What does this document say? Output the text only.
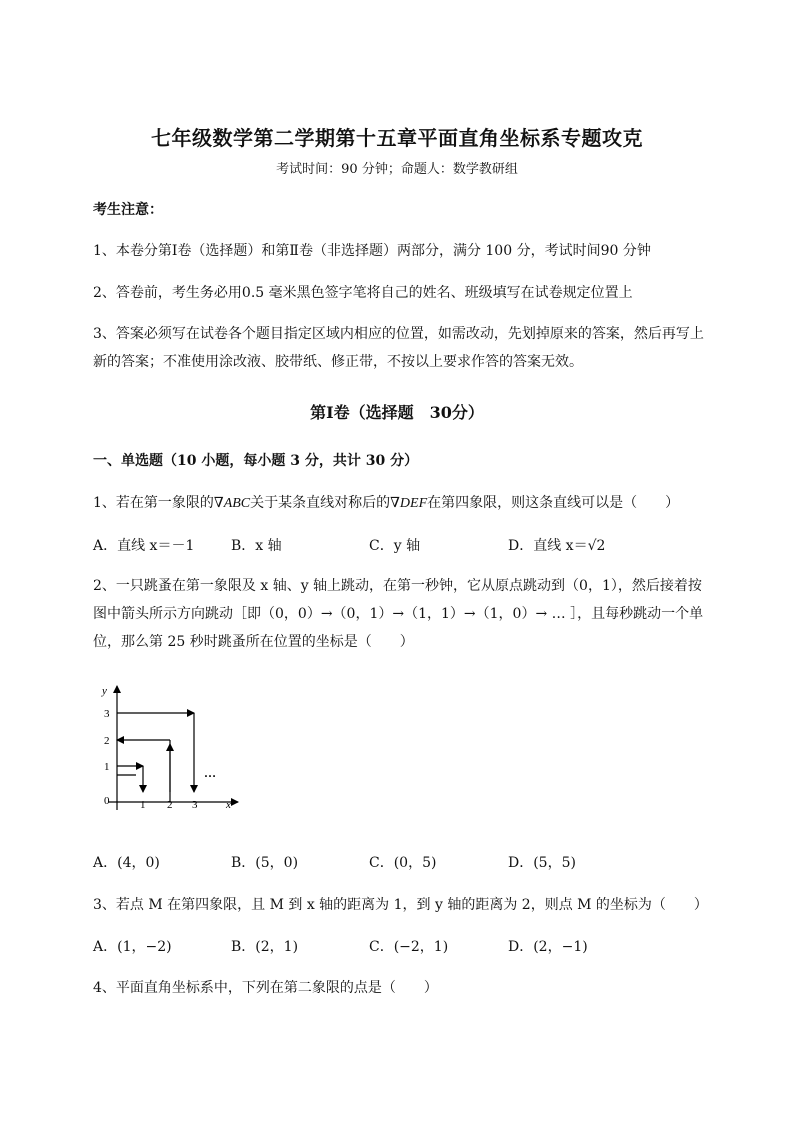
七年级数学第二学期第十五章平面直角坐标系专题攻克
考试时间：90 分钟；命题人：数学教研组
考生注意：
1、本卷分第Ⅰ卷（选择题）和第Ⅱ卷（非选择题）两部分，满分 100 分，考试时间90 分钟
2、答卷前，考生务必用0.5 毫米黑色签字笔将自己的姓名、班级填写在试卷规定位置上
3、答案必须写在试卷各个题目指定区域内相应的位置，如需改动，先划掉原来的答案，然后再写上新的答案；不准使用涂改液、胶带纸、修正带，不按以上要求作答的答案无效。
第Ⅰ卷（选择题　30分）
一、单选题（10 小题，每小题 3 分，共计 30 分）
1、若在第一象限的∇ABC关于某条直线对称后的∇DEF在第四象限，则这条直线可以是（　　）
A．直线 x＝－1	B．x 轴	C．y 轴	D．直线 x＝√2
2、一只跳蚤在第一象限及 x 轴、y 轴上跳动，在第一秒钟，它从原点跳动到（0，1），然后接着按图中箭头所示方向跳动［即（0，0）→（0，1）→（1，1）→（1，0）→ … ］，且每秒跳动一个单位，那么第 25 秒时跳蚤所在位置的坐标是（　　）
y
x
0	1 2 3
1
2
3
…
A．(4，0)	B．(5，0)	C．(0，5)	D．(5，5)
3、若点 M 在第四象限，且 M 到 x 轴的距离为 1，到 y 轴的距离为 2，则点 M 的坐标为（　　）
A．(1，−2)	B．(2，1)	C．(−2，1)	D．(2，−1)
4、平面直角坐标系中，下列在第二象限的点是（　　）
